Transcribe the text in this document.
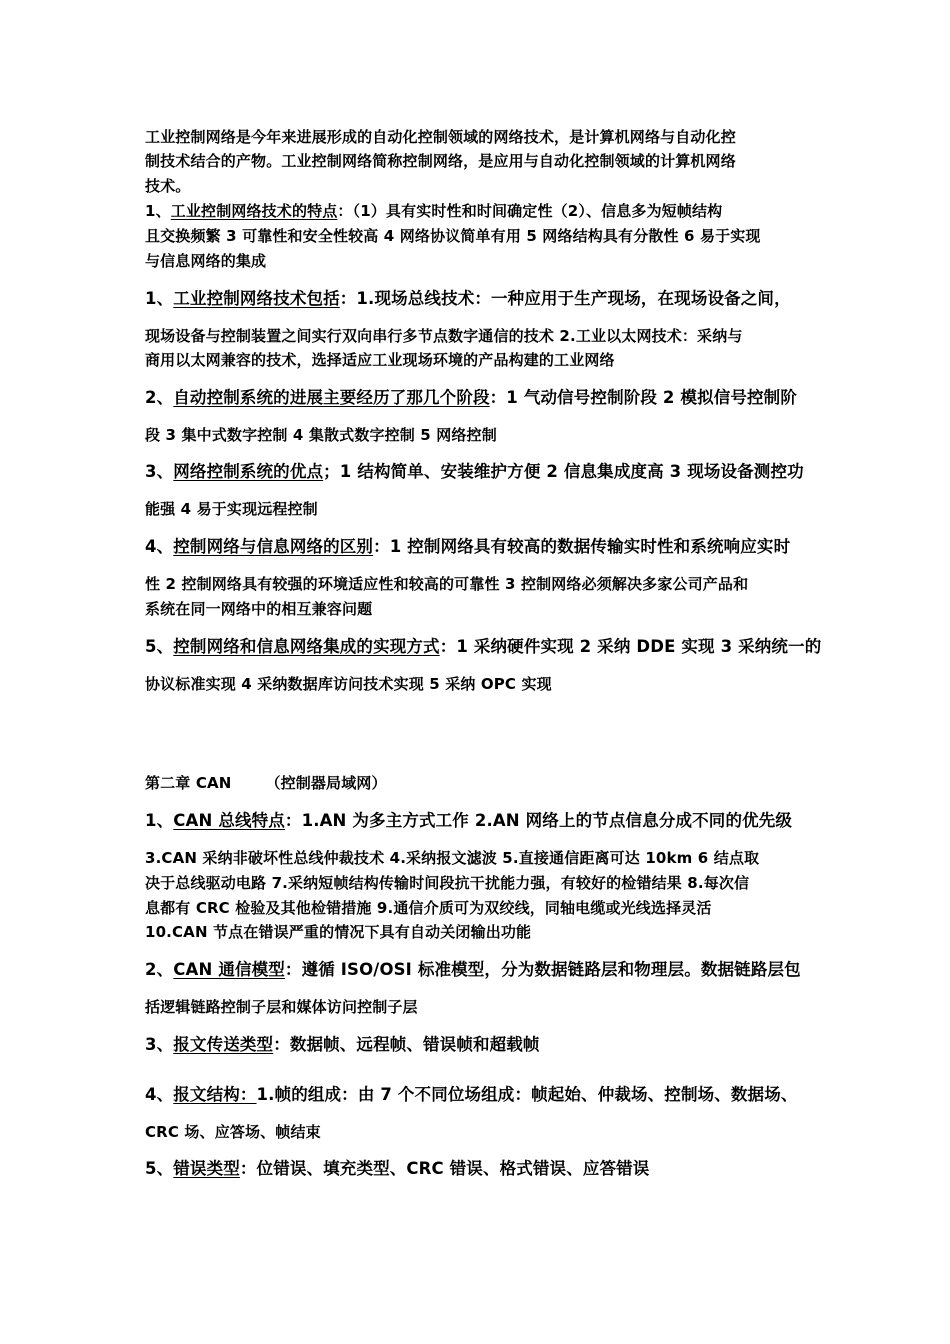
工业控制网络是今年来进展形成的自动化控制领域的网络技术，是计算机网络与自动化控
制技术结合的产物。工业控制网络简称控制网络，是应用与自动化控制领域的计算机网络
技术。
1、工业控制网络技术的特点：（1）具有实时性和时间确定性（2）、信息多为短帧结构
且交换频繁 3 可靠性和安全性较高 4 网络协议简单有用 5 网络结构具有分散性 6 易于实现
与信息网络的集成
1、工业控制网络技术包括：1.现场总线技术：一种应用于生产现场，在现场设备之间，
现场设备与控制装置之间实行双向串行多节点数字通信的技术 2.工业以太网技术：采纳与
商用以太网兼容的技术，选择适应工业现场环境的产品构建的工业网络
2、自动控制系统的进展主要经历了那几个阶段：1 气动信号控制阶段 2 模拟信号控制阶
段 3 集中式数字控制 4 集散式数字控制 5 网络控制
3、网络控制系统的优点；1 结构简单、安装维护方便 2 信息集成度高 3 现场设备测控功
能强 4 易于实现远程控制
4、控制网络与信息网络的区别：1 控制网络具有较高的数据传输实时性和系统响应实时
性 2 控制网络具有较强的环境适应性和较高的可靠性 3 控制网络必须解决多家公司产品和
系统在同一网络中的相互兼容问题
5、控制网络和信息网络集成的实现方式：1 采纳硬件实现 2 采纳 DDE 实现 3 采纳统一的
协议标准实现 4 采纳数据库访问技术实现 5 采纳 OPC 实现
第二章 CAN （控制器局域网）
1、CAN 总线特点：1.AN 为多主方式工作 2.AN 网络上的节点信息分成不同的优先级
3.CAN 采纳非破坏性总线仲裁技术 4.采纳报文滤波 5.直接通信距离可达 10km 6 结点取
决于总线驱动电路 7.采纳短帧结构传输时间段抗干扰能力强，有较好的检错结果 8.每次信
息都有 CRC 检验及其他检错措施 9.通信介质可为双绞线，同轴电缆或光线选择灵活
10.CAN 节点在错误严重的情况下具有自动关闭输出功能
2、CAN 通信模型：遵循 ISO/OSI 标准模型，分为数据链路层和物理层。数据链路层包
括逻辑链路控制子层和媒体访问控制子层
3、报文传送类型：数据帧、远程帧、错误帧和超载帧
4、报文结构：1.帧的组成：由 7 个不同位场组成：帧起始、仲裁场、控制场、数据场、
CRC 场、应答场、帧结束
5、错误类型：位错误、填充类型、CRC 错误、格式错误、应答错误
